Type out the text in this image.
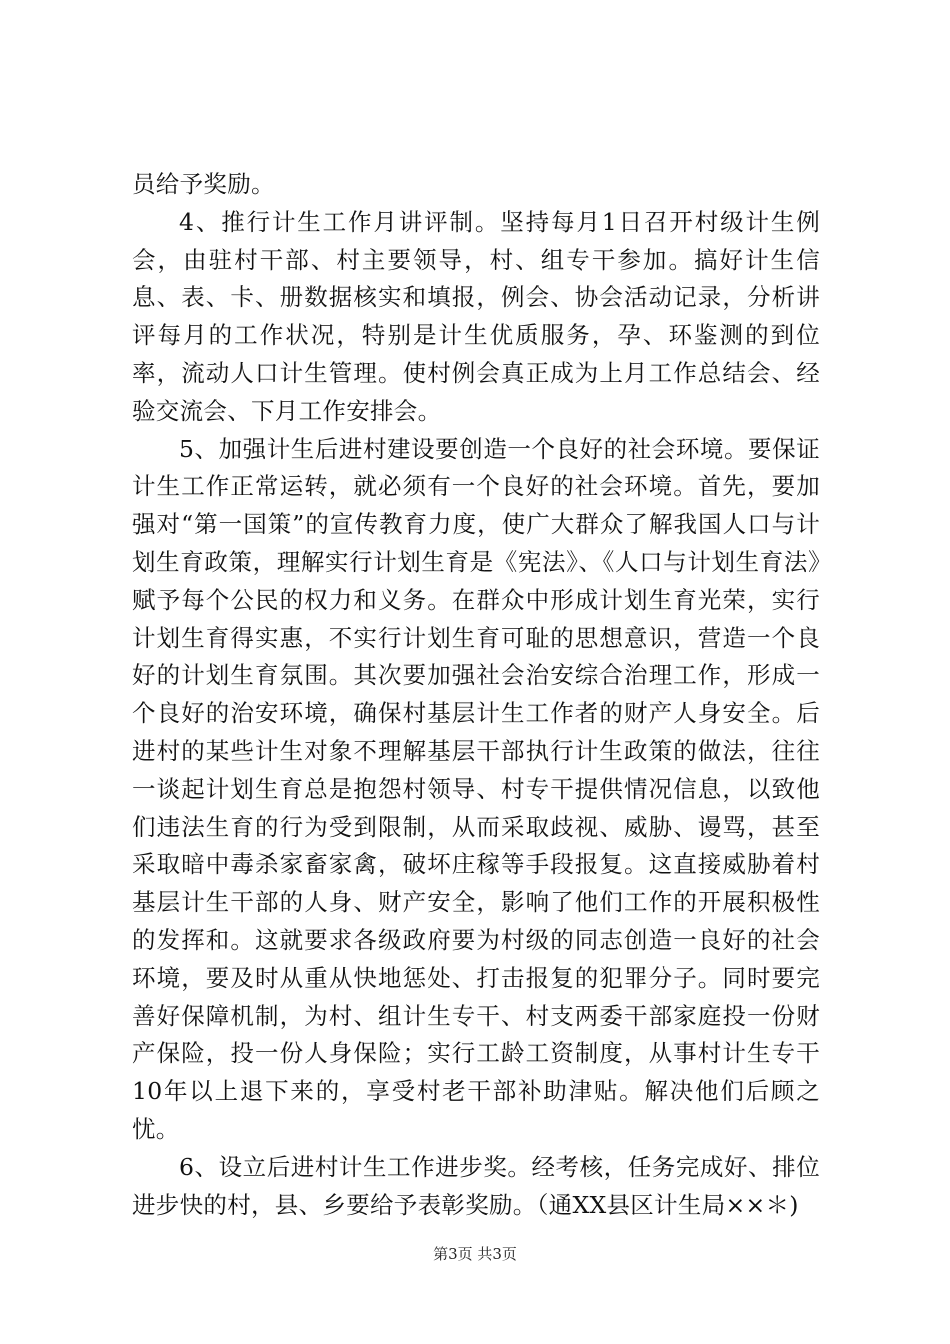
员给予奖励。

4、推行计生工作月讲评制。坚持每月1日召开村级计生例会，由驻村干部、村主要领导，村、组专干参加。搞好计生信息、表、卡、册数据核实和填报，例会、协会活动记录，分析讲评每月的工作状况，特别是计生优质服务，孕、环鉴测的到位率，流动人口计生管理。使村例会真正成为上月工作总结会、经验交流会、下月工作安排会。

5、加强计生后进村建设要创造一个良好的社会环境。要保证计生工作正常运转，就必须有一个良好的社会环境。首先，要加强对“第一国策”的宣传教育力度，使广大群众了解我国人口与计划生育政策，理解实行计划生育是《宪法》、《人口与计划生育法》赋予每个公民的权力和义务。在群众中形成计划生育光荣，实行计划生育得实惠，不实行计划生育可耻的思想意识，营造一个良好的计划生育氛围。其次要加强社会治安综合治理工作，形成一个良好的治安环境，确保村基层计生工作者的财产人身安全。后进村的某些计生对象不理解基层干部执行计生政策的做法，往往一谈起计划生育总是抱怨村领导、村专干提供情况信息，以致他们违法生育的行为受到限制，从而采取歧视、威胁、谩骂，甚至采取暗中毒杀家畜家禽，破坏庄稼等手段报复。这直接威胁着村基层计生干部的人身、财产安全，影响了他们工作的开展积极性的发挥和。这就要求各级政府要为村级的同志创造一良好的社会环境，要及时从重从快地惩处、打击报复的犯罪分子。同时要完善好保障机制，为村、组计生专干、村支两委干部家庭投一份财产保险，投一份人身保险；实行工龄工资制度，从事村计生专干10年以上退下来的，享受村老干部补助津贴。解决他们后顾之忧。

6、设立后进村计生工作进步奖。经考核，任务完成好、排位进步快的村，县、乡要给予表彰奖励。（通XX县区计生局××＊)

第3页 共3页
